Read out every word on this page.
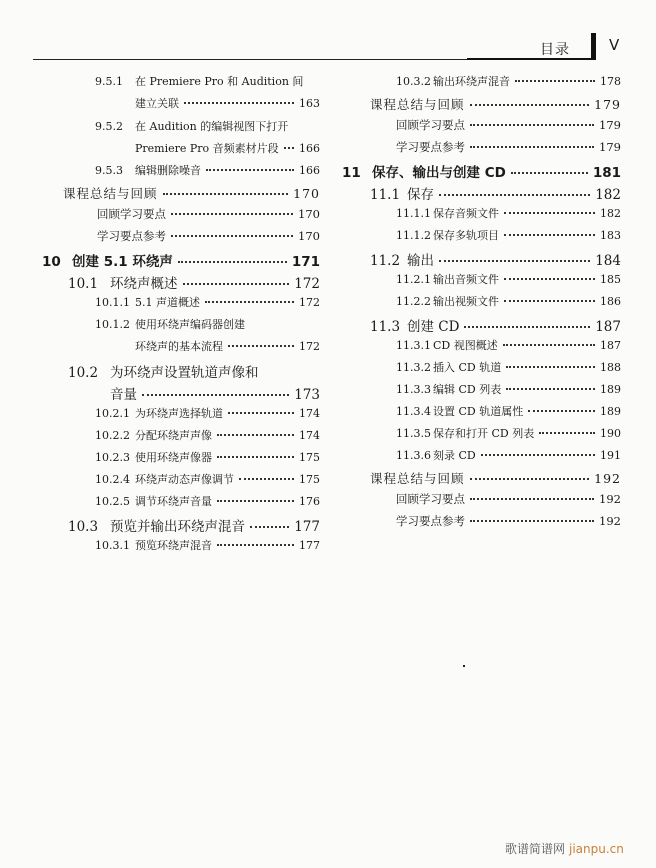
目录	V
9.5.1	在 Premiere Pro 和 Audition 间
建立关联	163
9.5.2	在 Audition 的编辑视图下打开
Premiere Pro 音频素材片段 166
9.5.3	编辑删除噪音	166
课程总结与回顾	170
回顾学习要点	170
学习要点参考	170
10 创建 5.1 环绕声	171
10.1 环绕声概述	172
10.1.1 5.1 声道概述	172
10.1.2 使用环绕声编码器创建
环绕声的基本流程	172
10.2 为环绕声设置轨道声像和
音量	173
10.2.1 为环绕声选择轨道	174
10.2.2 分配环绕声声像	174
10.2.3 使用环绕声像器	175
10.2.4 环绕声动态声像调节	175
10.2.5 调节环绕声音量	176
10.3 预览并输出环绕声混音	177
10.3.1 预览环绕声混音	177
10.3.2 输出环绕声混音	178
课程总结与回顾	179
回顾学习要点	179
学习要点参考	179
11 保存、输出与创建 CD	181
11.1 保存	182
11.1.1 保存音频文件	182
11.1.2 保存多轨项目	183
11.2 输出	184
11.2.1 输出音频文件	185
11.2.2 输出视频文件	186
11.3 创建 CD	187
11.3.1 CD 视图概述	187
11.3.2 插入 CD 轨道	188
11.3.3 编辑 CD 列表	189
11.3.4 设置 CD 轨道属性	189
11.3.5 保存和打开 CD 列表	190
11.3.6 刻录 CD	191
课程总结与回顾	192
回顾学习要点	192
学习要点参考	192
歌谱简谱网 jianpu.cn
